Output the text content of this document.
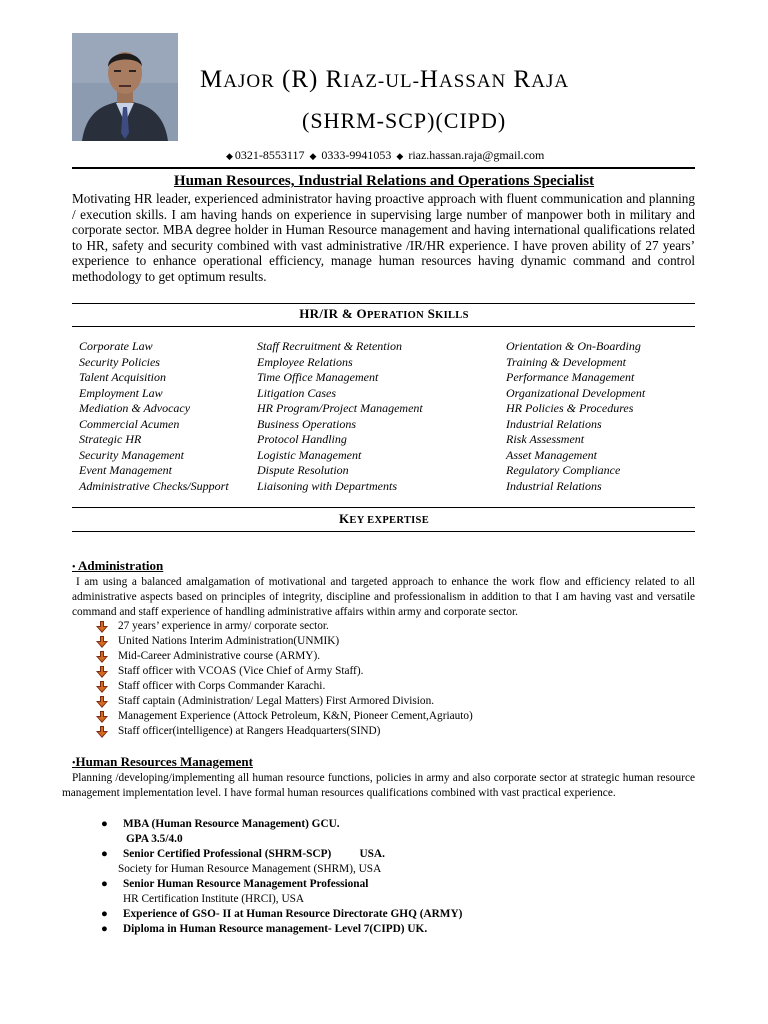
MAJOR (R) RIAZ-UL-HASSAN RAJA
(SHRM-SCP)(CIPD)
◆ 0321-8553117 ◆ 0333-9941053 ◆ riaz.hassan.raja@gmail.com
Human Resources, Industrial Relations and Operations Specialist
Motivating HR leader, experienced administrator having proactive approach with fluent communication and planning / execution skills. I am having hands on experience in supervising large number of manpower both in military and corporate sector. MBA degree holder in Human Resource management and having international qualifications related to HR, safety and security combined with vast administrative /IR/HR experience. I have proven ability of 27 years’ experience to enhance operational efficiency, manage human resources having dynamic command and control methodology to get optimum results.
HR/IR & OPERATION SKILLS
Corporate Law
Security Policies
Talent Acquisition
Employment Law
Mediation & Advocacy
Commercial Acumen
Strategic HR
Security Management
Event Management
Administrative Checks/Support
Staff Recruitment & Retention
Employee Relations
Time Office Management
Litigation Cases
HR Program/Project Management
Business Operations
Protocol Handling
Logistic Management
Dispute Resolution
Liaisoning with Departments
Orientation & On-Boarding
Training & Development
Performance Management
Organizational Development
HR Policies & Procedures
Industrial Relations
Risk Assessment
Asset Management
Regulatory Compliance
Industrial Relations
KEY EXPERTISE
• Administration
I am using a balanced amalgamation of motivational and targeted approach to enhance the work flow and efficiency related to all administrative aspects based on principles of integrity, discipline and professionalism in addition to that I am having vast and versatile command and staff experience of handling administrative affairs within army and corporate sector.
27 years’ experience in army/ corporate sector.
United Nations Interim Administration(UNMIK)
Mid-Career Administrative course (ARMY).
Staff officer with VCOAS (Vice Chief of Army Staff).
Staff officer with Corps Commander Karachi.
Staff captain (Administration/ Legal Matters) First Armored Division.
Management Experience (Attock Petroleum, K&N, Pioneer Cement,Agriauto)
Staff officer(intelligence) at Rangers Headquarters(SIND)
•Human Resources Management
Planning /developing/implementing all human resource functions, policies in army and also corporate sector at strategic human resource management implementation level. I have formal human resources qualifications combined with vast practical experience.
● MBA (Human Resource Management) GCU.
GPA 3.5/4.0
● Senior Certified Professional (SHRM-SCP)          USA.
Society for Human Resource Management (SHRM), USA
● Senior Human Resource Management Professional
HR Certification Institute (HRCI), USA
● Experience of GSO- II at Human Resource Directorate GHQ (ARMY)
● Diploma in Human Resource management- Level 7(CIPD) UK.
